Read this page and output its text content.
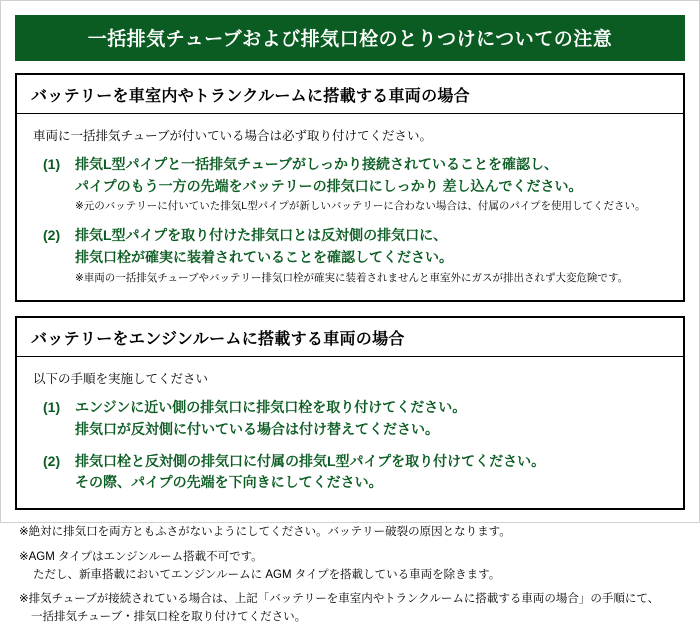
一括排気チューブおよび排気口栓のとりつけについての注意
バッテリーを車室内やトランクルームに搭載する車両の場合
車両に一括排気チューブが付いている場合は必ず取り付けてください。
(1)	排気L型パイプと一括排気チューブがしっかり接続されていることを確認し、
パイプのもう一方の先端をバッテリーの排気口にしっかり 差し込んでください。
※元のバッテリーに付いていた排気L型パイプが新しいバッテリーに合わない場合は、付属のパイプを使用してください。
(2)	排気L型パイプを取り付けた排気口とは反対側の排気口に、
排気口栓が確実に装着されていることを確認してください。
※車両の一括排気チューブやバッテリー排気口栓が確実に装着されませんと車室外にガスが排出されず大変危険です。
バッテリーをエンジンルームに搭載する車両の場合
以下の手順を実施してください
(1)	エンジンに近い側の排気口に排気口栓を取り付けてください。
排気口が反対側に付いている場合は付け替えてください。
(2)	排気口栓と反対側の排気口に付属の排気L型パイプを取り付けてください。
その際、パイプの先端を下向きにしてください。
※絶対に排気口を両方ともふさがないようにしてください。バッテリー破裂の原因となります。
※AGM タイプはエンジンルーム搭載不可です。
ただし、新車搭載においてエンジンルームに AGM タイプを搭載している車両を除きます。
※排気チューブが接続されている場合は、上記「バッテリーを車室内やトランクルームに搭載する車両の場合」の手順にて、
一括排気チューブ・排気口栓を取り付けてください。
